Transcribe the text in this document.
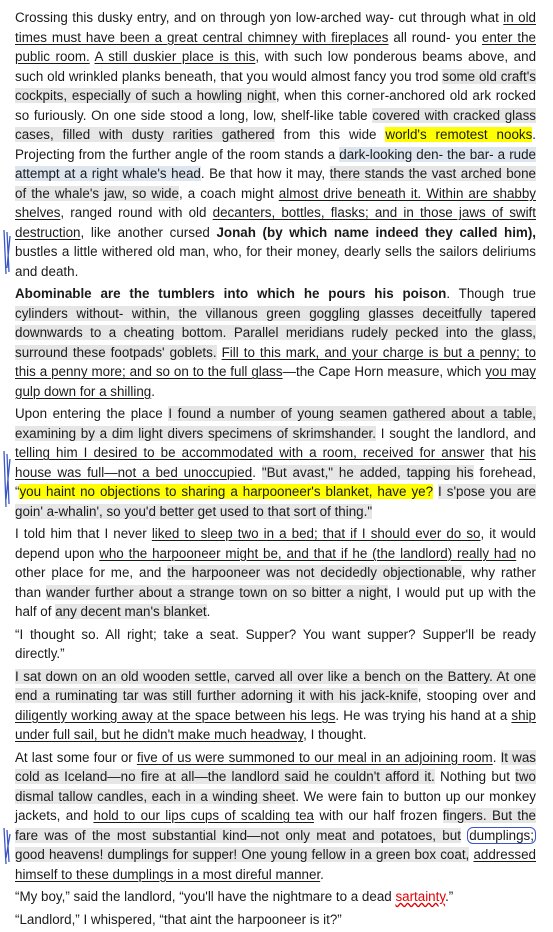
Crossing this dusky entry, and on through yon low-arched way- cut through what in old times must have been a great central chimney with fireplaces all round- you enter the public room. A still duskier place is this, with such low ponderous beams above, and such old wrinkled planks beneath, that you would almost fancy you trod some old craft's cockpits, especially of such a howling night, when this corner-anchored old ark rocked so furiously. On one side stood a long, low, shelf-like table covered with cracked glass cases, filled with dusty rarities gathered from this wide world's remotest nooks. Projecting from the further angle of the room stands a dark-looking den- the bar- a rude attempt at a right whale's head. Be that how it may, there stands the vast arched bone of the whale's jaw, so wide, a coach might almost drive beneath it. Within are shabby shelves, ranged round with old decanters, bottles, flasks; and in those jaws of swift destruction, like another cursed Jonah (by which name indeed they called him), bustles a little withered old man, who, for their money, dearly sells the sailors deliriums and death.

Abominable are the tumblers into which he pours his poison. Though true cylinders without- within, the villanous green goggling glasses deceitfully tapered downwards to a cheating bottom. Parallel meridians rudely pecked into the glass, surround these footpads' goblets. Fill to this mark, and your charge is but a penny; to this a penny more; and so on to the full glass—the Cape Horn measure, which you may gulp down for a shilling.

Upon entering the place I found a number of young seamen gathered about a table, examining by a dim light divers specimens of skrimshander. I sought the landlord, and telling him I desired to be accommodated with a room, received for answer that his house was full—not a bed unoccupied. "But avast," he added, tapping his forehead, “you haint no objections to sharing a harpooneer's blanket, have ye? I s'pose you are goin' a-whalin', so you'd better get used to that sort of thing."

I told him that I never liked to sleep two in a bed; that if I should ever do so, it would depend upon who the harpooneer might be, and that if he (the landlord) really had no other place for me, and the harpooneer was not decidedly objectionable, why rather than wander further about a strange town on so bitter a night, I would put up with the half of any decent man's blanket.

“I thought so. All right; take a seat. Supper? You want supper? Supper'll be ready directly.”

I sat down on an old wooden settle, carved all over like a bench on the Battery. At one end a ruminating tar was still further adorning it with his jack-knife, stooping over and diligently working away at the space between his legs. He was trying his hand at a ship under full sail, but he didn't make much headway, I thought.

At last some four or five of us were summoned to our meal in an adjoining room. It was cold as Iceland—no fire at all—the landlord said he couldn't afford it. Nothing but two dismal tallow candles, each in a winding sheet. We were fain to button up our monkey jackets, and hold to our lips cups of scalding tea with our half frozen fingers. But the fare was of the most substantial kind—not only meat and potatoes, but dumplings; good heavens! dumplings for supper! One young fellow in a green box coat, addressed himself to these dumplings in a most direful manner.

“My boy,” said the landlord, “you'll have the nightmare to a dead sartainty.”

“Landlord,” I whispered, “that aint the harpooneer is it?”
